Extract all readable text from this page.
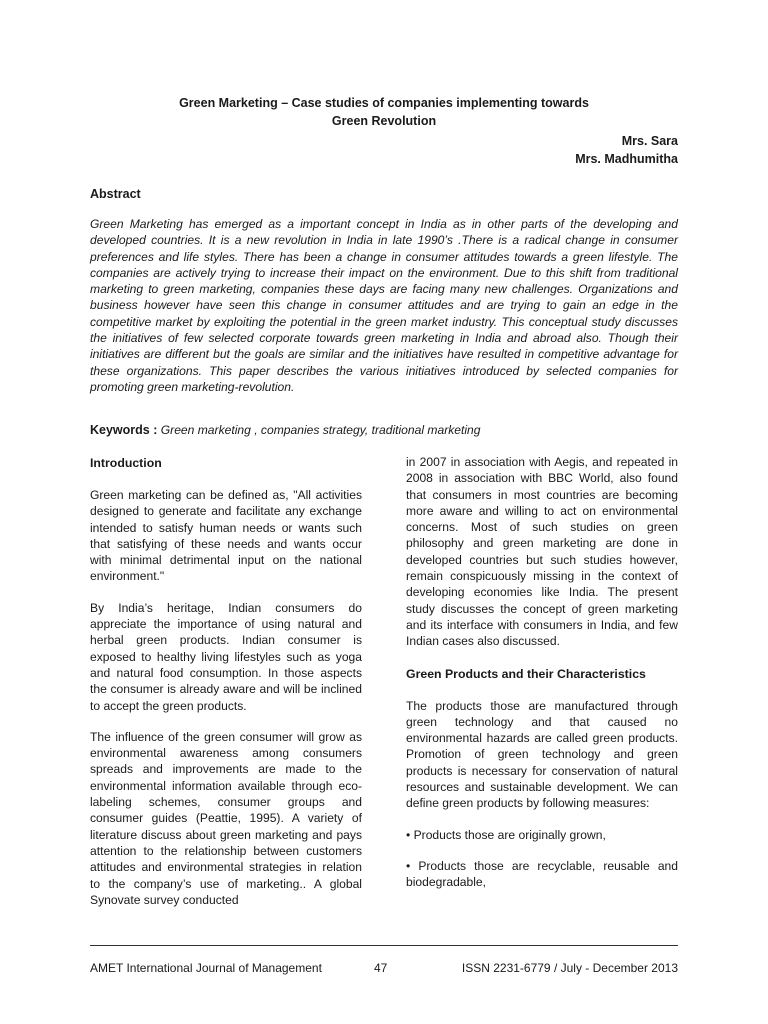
Green Marketing – Case studies of companies implementing towards
Green Revolution
Mrs. Sara
Mrs. Madhumitha
Abstract

Green Marketing has emerged as a important concept in India as in other parts of the developing and developed countries. It is a new revolution in India in late 1990’s .There is a radical change in consumer preferences and life styles. There has been a change in consumer attitudes towards a green lifestyle. The companies are actively trying to increase their impact on the environment. Due to this shift from traditional marketing to green marketing, companies these days are facing many new challenges. Organizations and business however have seen this change in consumer attitudes and are trying to gain an edge in the competitive market by exploiting the potential in the green market industry. This conceptual study discusses the initiatives of few selected corporate towards green marketing in India and abroad also. Though their initiatives are different but the goals are similar and the initiatives have resulted in competitive advantage for these organizations. This paper describes the various initiatives introduced by selected companies for promoting green marketing-revolution.

Keywords : Green marketing , companies strategy, traditional marketing

Introduction

Green marketing can be defined as, "All activities designed to generate and facilitate any exchange intended to satisfy human needs or wants such that satisfying of these needs and wants occur with minimal detrimental input on the national environment."

By India’s heritage, Indian consumers do appreciate the importance of using natural and herbal green products. Indian consumer is exposed to healthy living lifestyles such as yoga and natural food consumption. In those aspects the consumer is already aware and will be inclined to accept the green products.

The influence of the green consumer will grow as environmental awareness among consumers spreads and improvements are made to the environmental information available through eco-labeling schemes, consumer groups and consumer guides (Peattie, 1995). A variety of literature discuss about green marketing and pays attention to the relationship between customers attitudes and environmental strategies in relation to the company’s use of marketing.. A global Synovate survey conducted

in 2007 in association with Aegis, and repeated in 2008 in association with BBC World, also found that consumers in most countries are becoming more aware and willing to act on environmental concerns. Most of such studies on green philosophy and green marketing are done in developed countries but such studies however, remain conspicuously missing in the context of developing economies like India. The present study discusses the concept of green marketing and its interface with consumers in India, and few Indian cases also discussed.

Green Products and their Characteristics

The products those are manufactured through green technology and that caused no environmental hazards are called green products. Promotion of green technology and green products is necessary for conservation of natural resources and sustainable development. We can define green products by following measures:

• Products those are originally grown,

• Products those are recyclable, reusable and biodegradable,

AMET International Journal of Management	47	ISSN 2231-6779 / July - December 2013
